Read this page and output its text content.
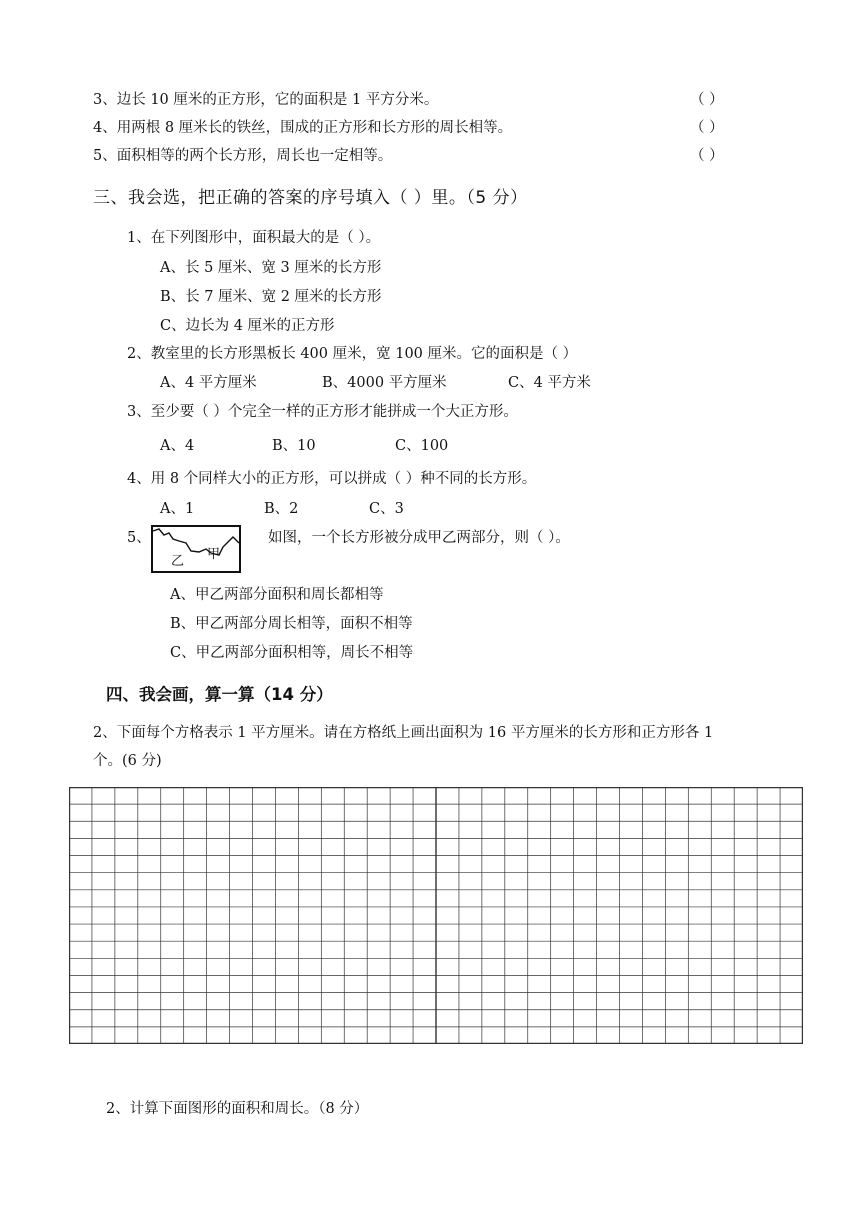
3、边长 10 厘米的正方形，它的面积是 1 平方分米。	（ ）
4、用两根 8 厘米长的铁丝，围成的正方形和长方形的周长相等。	（ ）
5、面积相等的两个长方形，周长也一定相等。	（ ）
三、我会选，把正确的答案的序号填入（ ）里。（5 分）
1、在下列图形中，面积最大的是（ ）。
A、长 5 厘米、宽 3 厘米的长方形
B、长 7 厘米、宽 2 厘米的长方形
C、边长为 4 厘米的正方形
2、教室里的长方形黑板长 400 厘米，宽 100 厘米。它的面积是（ ）
A、4 平方厘米	B、4000 平方厘米	C、4 平方米
3、至少要（ ）个完全一样的正方形才能拼成一个大正方形。
A、4	B、10	C、100
4、用 8 个同样大小的正方形，可以拼成（ ）种不同的长方形。
A、1	B、2	C、3
5、
乙 甲
如图，一个长方形被分成甲乙两部分，则（ ）。
A、甲乙两部分面积和周长都相等
B、甲乙两部分周长相等，面积不相等
C、甲乙两部分面积相等，周长不相等
四、我会画，算一算（14 分）
2、下面每个方格表示 1 平方厘米。请在方格纸上画出面积为 16 平方厘米的长方形和正方形各 1
个。(6 分)
2、计算下面图形的面积和周长。（8 分）
